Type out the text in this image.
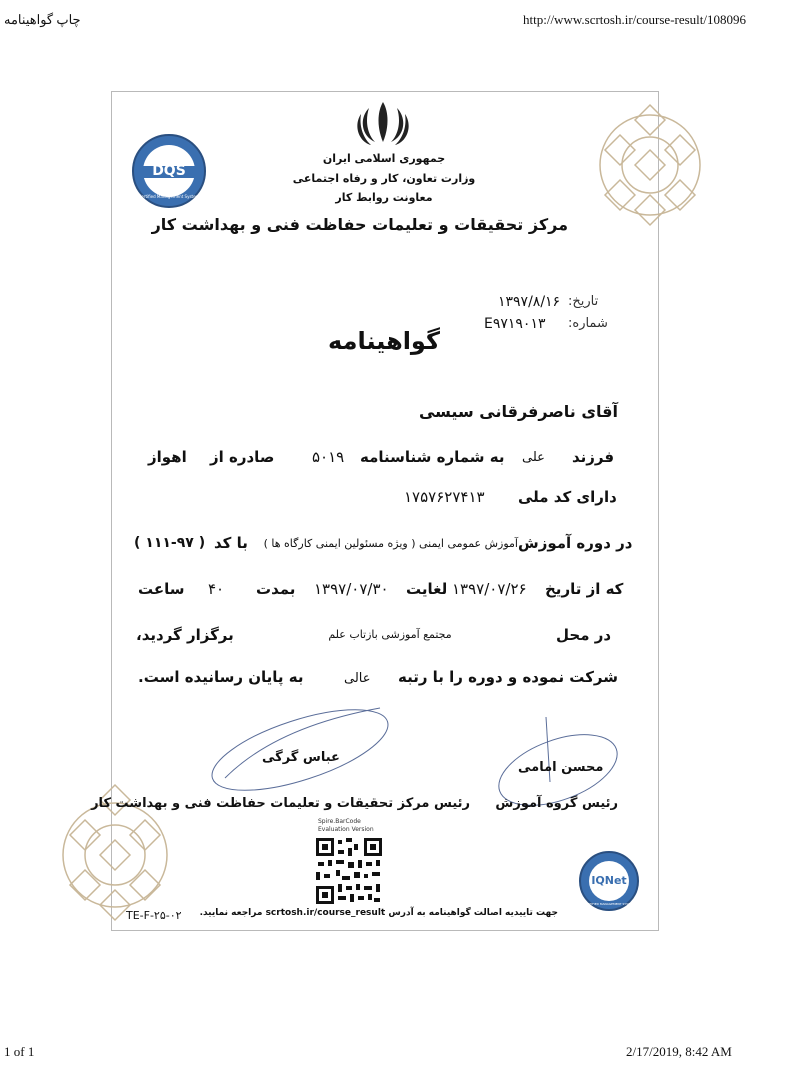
چاپ گواهینامه	http://www.scrtosh.ir/course-result/108096
1 of 1	2/17/2019, 8:42 AM
DQS
Certified Management System
جمهوری اسلامی ایران
وزارت تعاون، کار و رفاه اجتماعی
معاونت روابط کار
مرکز تحقیقات و تعلیمات حفاظت فنی و بهداشت کار
تاریخ:
۱۳۹۷/۸/۱۶
شماره:
E۹۷۱۹۰۱۳
گواهینامه
آقای ناصرفرقانی سیسی
فرزند
علی
به شماره شناسنامه
۵۰۱۹
صادره از
اهواز
دارای کد ملی
۱۷۵۷۶۲۷۴۱۳
در دوره آموزش
آموزش عمومی ایمنی ( ویژه مسئولین ایمنی کارگاه ها )
با کد
( ۱۱۱-۹۷ )
که از تاریخ
۱۳۹۷/۰۷/۲۶
لغایت
۱۳۹۷/۰۷/۳۰
بمدت
۴۰
ساعت
در محل
مجتمع آموزشی بازتاب علم
برگزار گردید،
شرکت نموده و دوره را با رتبه
عالی
به پایان رسانیده است.
عباس گرگی
رئیس مرکز تحقیقات و تعلیمات حفاظت فنی و بهداشت کار
محسن امامی
رئیس گروه آموزش
Spire.BarCode
Evaluation Version
IQNet
CERTIFIED MANAGEMENT SYSTEM
TE-F-۲۵-۰۲ جهت تاییدیه اصالت گواهینامه به آدرس scrtosh.ir/course_result مراجعه نمایید.
